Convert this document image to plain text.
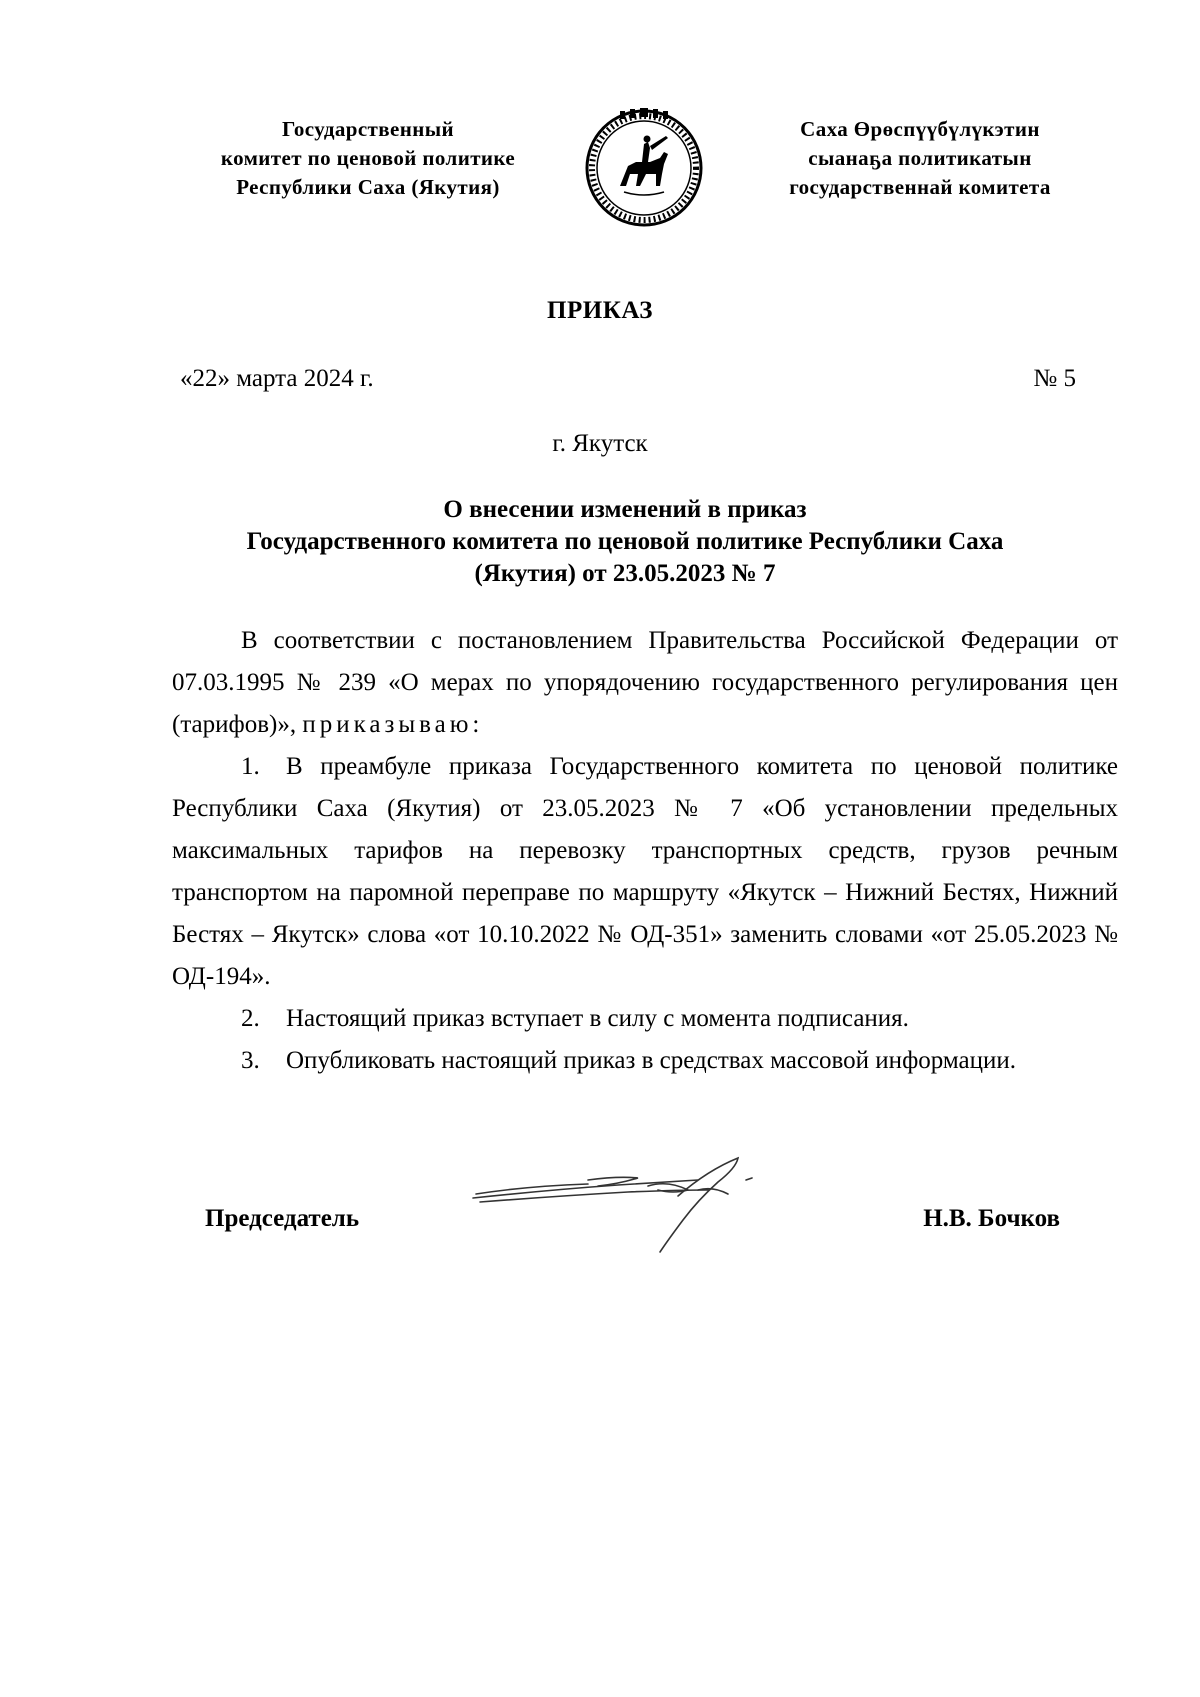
Государственный
комитет по ценовой политике
Республики Саха (Якутия)
Саха Өрөспүүбүлүкэтин
сыанаҕа политикатын
государственнай комитета
ПРИКАЗ
«22» марта 2024 г.	№ 5
г. Якутск
О внесении изменений в приказ
Государственного комитета по ценовой политике Республики Саха
(Якутия) от 23.05.2023 № 7

В соответствии с постановлением Правительства Российской Федерации от 07.03.1995 № 239 «О мерах по упорядочению государственного регулирования цен (тарифов)», приказываю:

1. В преамбуле приказа Государственного комитета по ценовой политике Республики Саха (Якутия) от 23.05.2023 № 7 «Об установлении предельных максимальных тарифов на перевозку транспортных средств, грузов речным транспортом на паромной переправе по маршруту «Якутск – Нижний Бестях, Нижний Бестях – Якутск» слова «от 10.10.2022 № ОД-351» заменить словами «от 25.05.2023 № ОД-194».

2. Настоящий приказ вступает в силу с момента подписания.

3. Опубликовать настоящий приказ в средствах массовой информации.

Председатель	Н.В. Бочков
